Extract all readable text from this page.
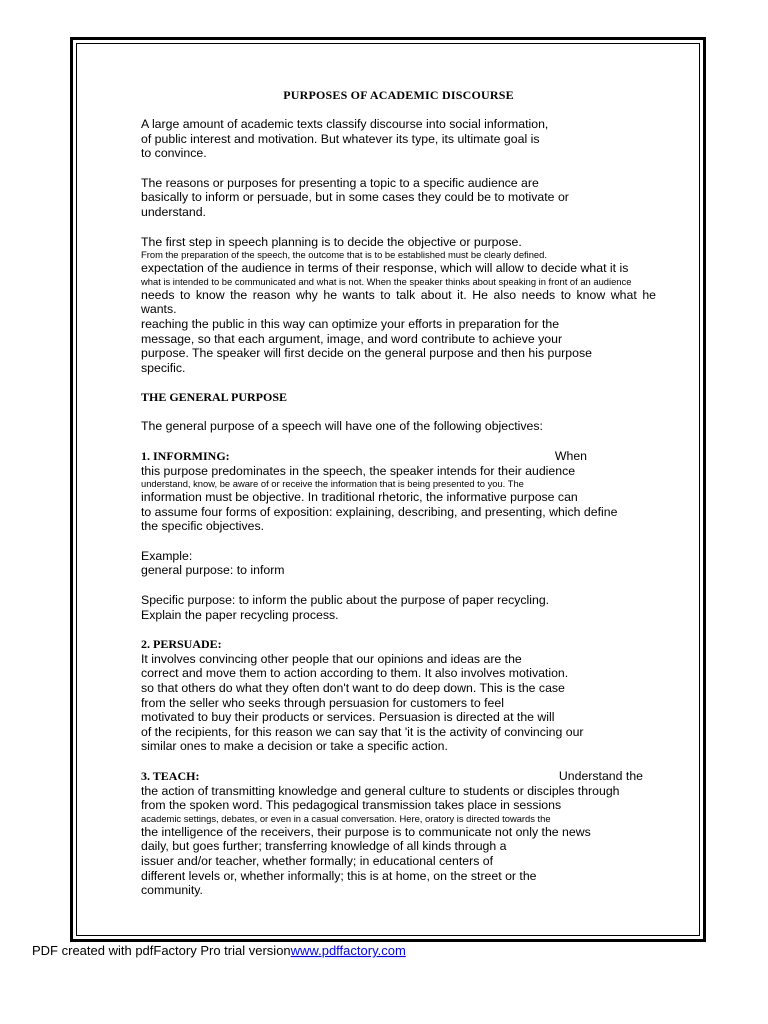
PURPOSES OF ACADEMIC DISCOURSE
A large amount of academic texts classify discourse into social information,
of public interest and motivation. But whatever its type, its ultimate goal is
to convince.
The reasons or purposes for presenting a topic to a specific audience are
basically to inform or persuade, but in some cases they could be to motivate or
understand.
The first step in speech planning is to decide the objective or purpose.
From the preparation of the speech, the outcome that is to be established must be clearly defined.
expectation of the audience in terms of their response, which will allow to decide what it is
what is intended to be communicated and what is not. When the speaker thinks about speaking in front of an audience
needs to know the reason why he wants to talk about it. He also needs to know what he wants.
reaching the public in this way can optimize your efforts in preparation for the
message, so that each argument, image, and word contribute to achieve your
purpose. The speaker will first decide on the general purpose and then his purpose
specific.
THE GENERAL PURPOSE
The general purpose of a speech will have one of the following objectives:
1. INFORMING:	When
this purpose predominates in the speech, the speaker intends for their audience
understand, know, be aware of or receive the information that is being presented to you. The
information must be objective. In traditional rhetoric, the informative purpose can
to assume four forms of exposition: explaining, describing, and presenting, which define
the specific objectives.
Example:
general purpose: to inform
Specific purpose: to inform the public about the purpose of paper recycling.
Explain the paper recycling process.
2. PERSUADE:
It involves convincing other people that our opinions and ideas are the
correct and move them to action according to them. It also involves motivation.
so that others do what they often don't want to do deep down. This is the case
from the seller who seeks through persuasion for customers to feel
motivated to buy their products or services. Persuasion is directed at the will
of the recipients, for this reason we can say that 'it is the activity of convincing our
similar ones to make a decision or take a specific action.
3. TEACH:	Understand the
the action of transmitting knowledge and general culture to students or disciples through
from the spoken word. This pedagogical transmission takes place in sessions
academic settings, debates, or even in a casual conversation. Here, oratory is directed towards the
the intelligence of the receivers, their purpose is to communicate not only the news
daily, but goes further; transferring knowledge of all kinds through a
issuer and/or teacher, whether formally; in educational centers of
different levels or, whether informally; this is at home, on the street or the
community.
PDF created with pdfFactory Pro trial versionwww.pdffactory.com
